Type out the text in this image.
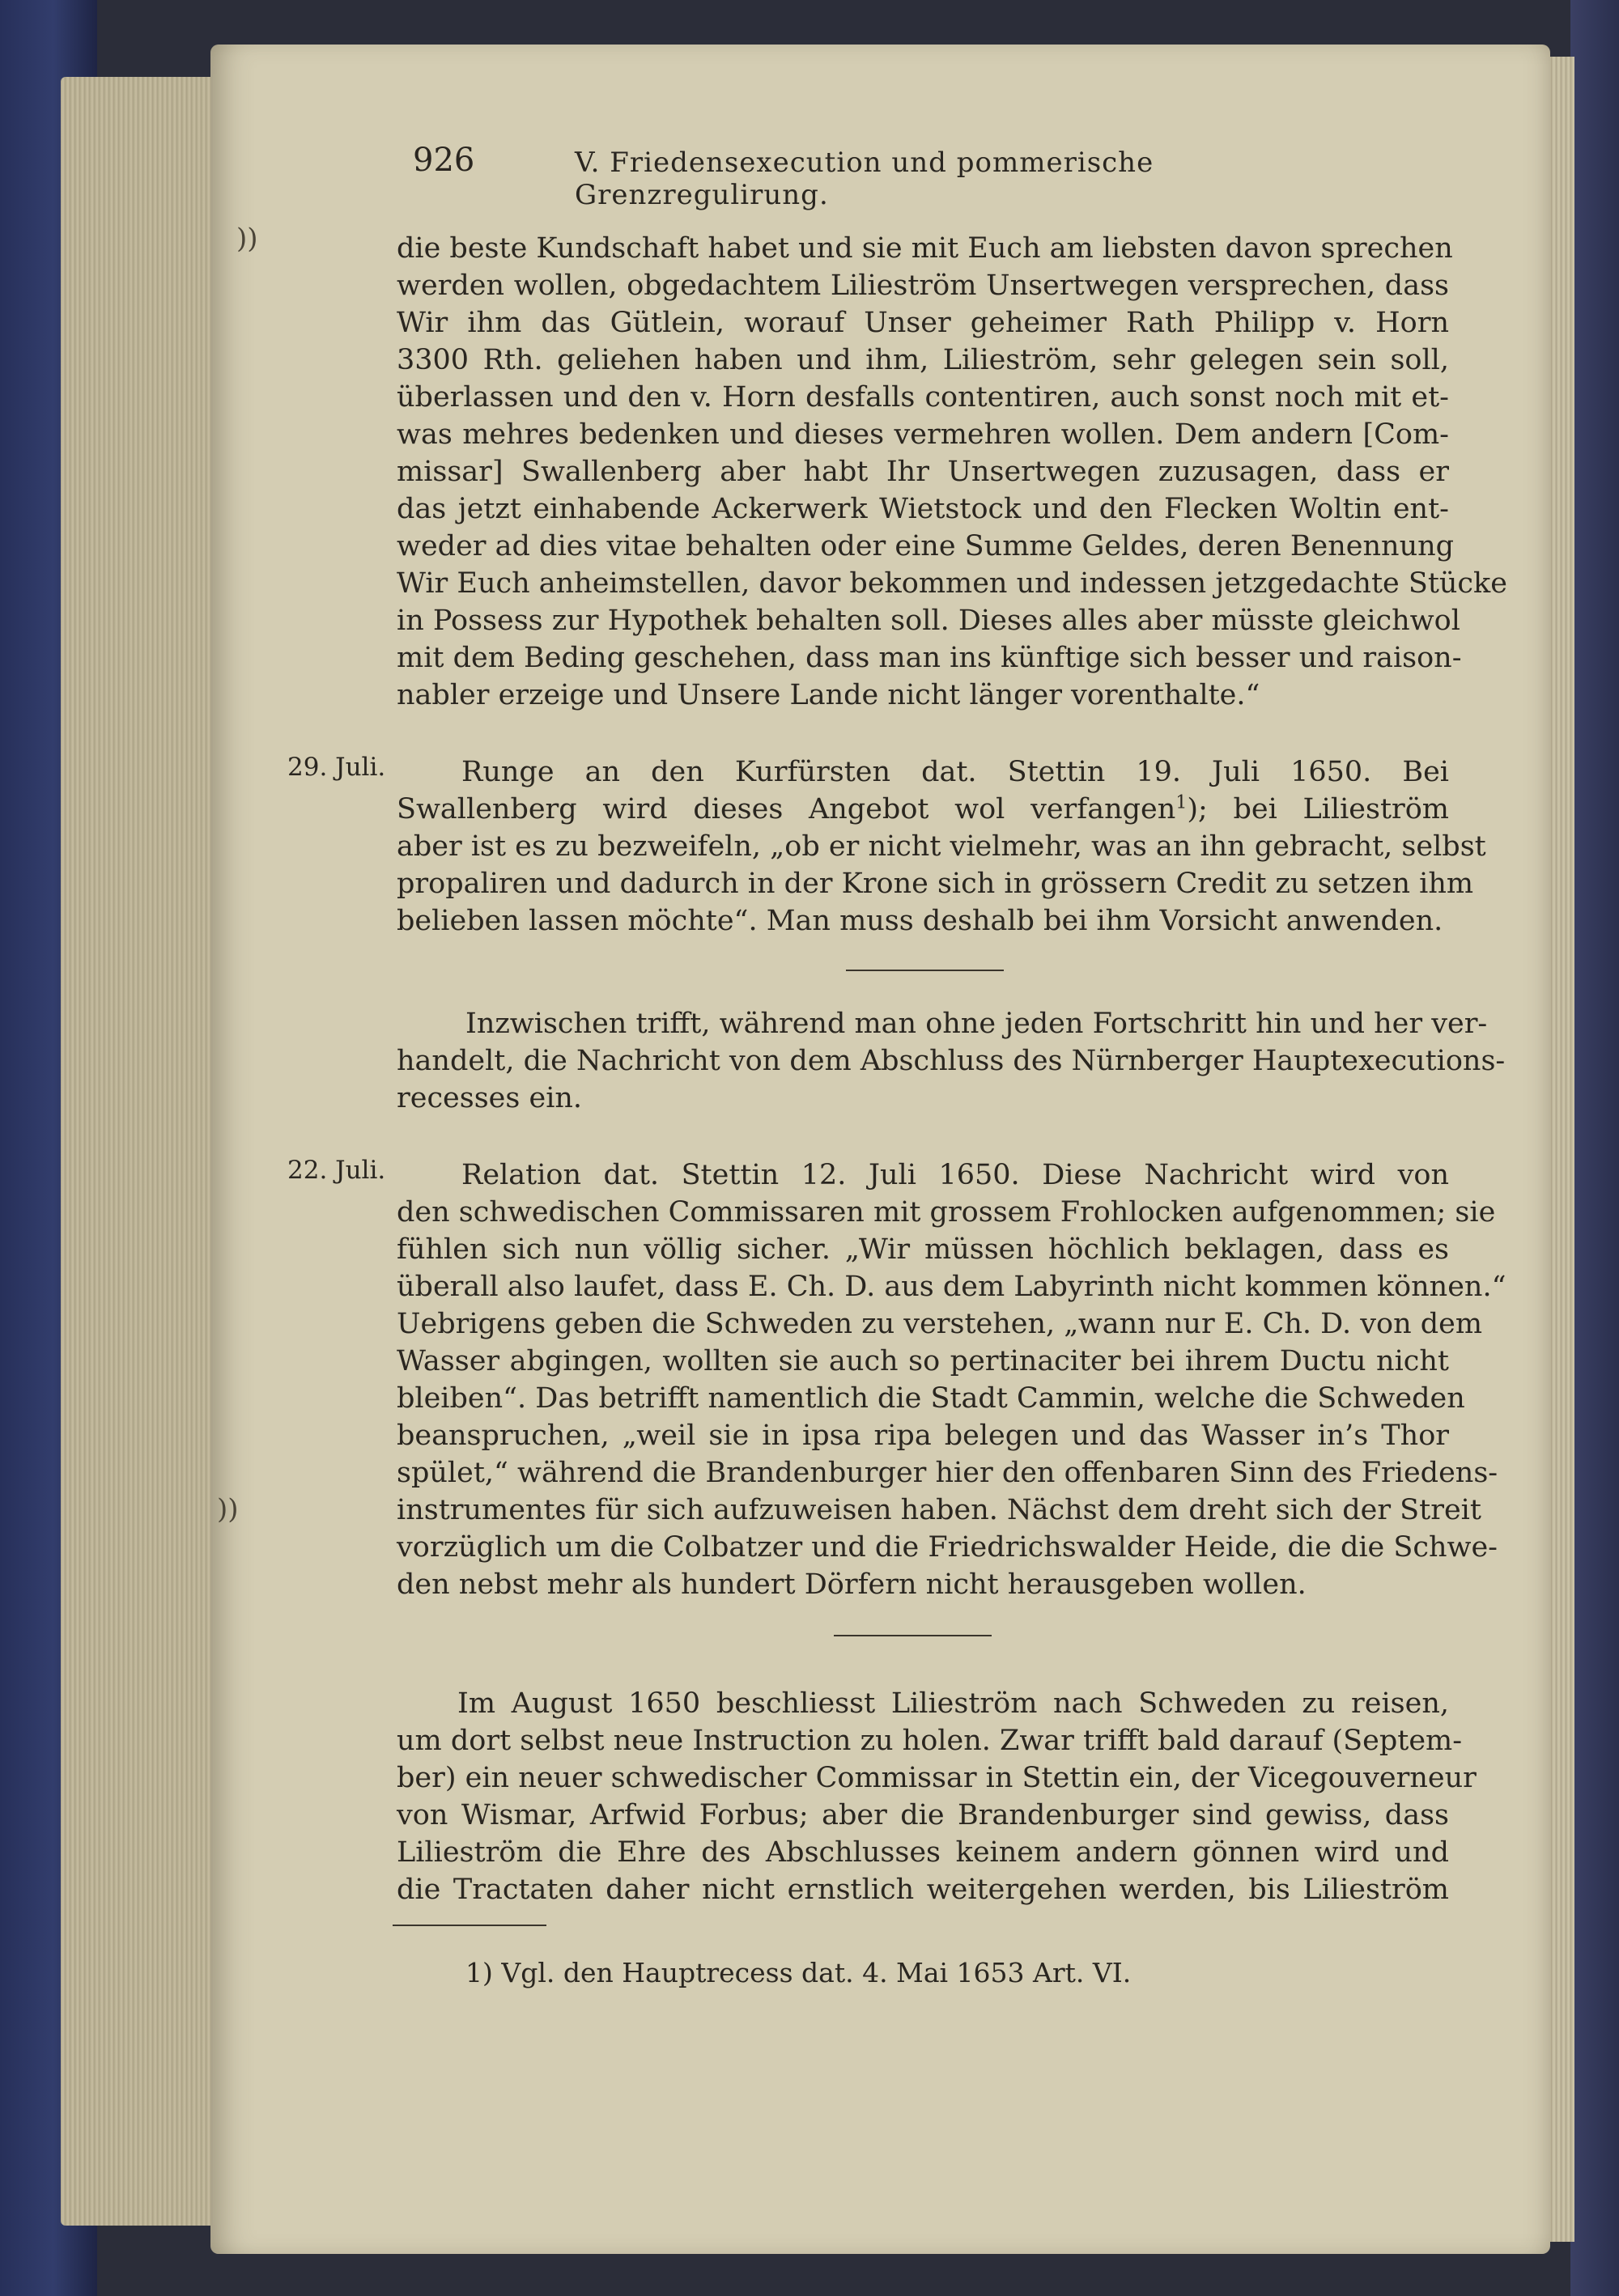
926	V. Friedensexecution und pommerische Grenzregulirung.
))
))
die beste Kundschaft habet und sie mit Euch am liebsten davon sprechen
werden wollen, obgedachtem Lilieström Unsertwegen versprechen, dass
Wir ihm das Gütlein, worauf Unser geheimer Rath Philipp v. Horn
3300 Rth. geliehen haben und ihm, Lilieström, sehr gelegen sein soll,
überlassen und den v. Horn desfalls contentiren, auch sonst noch mit et-
was mehres bedenken und dieses vermehren wollen. Dem andern [Com-
missar] Swallenberg aber habt Ihr Unsertwegen zuzusagen, dass er
das jetzt einhabende Ackerwerk Wietstock und den Flecken Woltin ent-
weder ad dies vitae behalten oder eine Summe Geldes, deren Benennung
Wir Euch anheimstellen, davor bekommen und indessen jetzgedachte Stücke
in Possess zur Hypothek behalten soll. Dieses alles aber müsste gleichwol
mit dem Beding geschehen, dass man ins künftige sich besser und raison-
nabler erzeige und Unsere Lande nicht länger vorenthalte.“
29. Juli.	Runge an den Kurfürsten dat. Stettin 19. Juli 1650. Bei
Swallenberg wird dieses Angebot wol verfangen$^1$); bei Lilieström
aber ist es zu bezweifeln, „ob er nicht vielmehr, was an ihn gebracht, selbst
propaliren und dadurch in der Krone sich in grössern Credit zu setzen ihm
belieben lassen möchte“. Man muss deshalb bei ihm Vorsicht anwenden.
Inzwischen trifft, während man ohne jeden Fortschritt hin und her ver-
handelt, die Nachricht von dem Abschluss des Nürnberger Hauptexecutions-
recesses ein.
22. Juli.	Relation dat. Stettin 12. Juli 1650. Diese Nachricht wird von
den schwedischen Commissaren mit grossem Frohlocken aufgenommen; sie
fühlen sich nun völlig sicher. „Wir müssen höchlich beklagen, dass es
überall also laufet, dass E. Ch. D. aus dem Labyrinth nicht kommen können.“
Uebrigens geben die Schweden zu verstehen, „wann nur E. Ch. D. von dem
Wasser abgingen, wollten sie auch so pertinaciter bei ihrem Ductu nicht
bleiben“. Das betrifft namentlich die Stadt Cammin, welche die Schweden
beanspruchen, „weil sie in ipsa ripa belegen und das Wasser in’s Thor
spület,“ während die Brandenburger hier den offenbaren Sinn des Friedens-
instrumentes für sich aufzuweisen haben. Nächst dem dreht sich der Streit
vorzüglich um die Colbatzer und die Friedrichswalder Heide, die die Schwe-
den nebst mehr als hundert Dörfern nicht herausgeben wollen.
Im August 1650 beschliesst Lilieström nach Schweden zu reisen,
um dort selbst neue Instruction zu holen. Zwar trifft bald darauf (Septem-
ber) ein neuer schwedischer Commissar in Stettin ein, der Vicegouverneur
von Wismar, Arfwid Forbus; aber die Brandenburger sind gewiss, dass
Lilieström die Ehre des Abschlusses keinem andern gönnen wird und
die Tractaten daher nicht ernstlich weitergehen werden, bis Lilieström
1) Vgl. den Hauptrecess dat. 4. Mai 1653 Art. VI.
